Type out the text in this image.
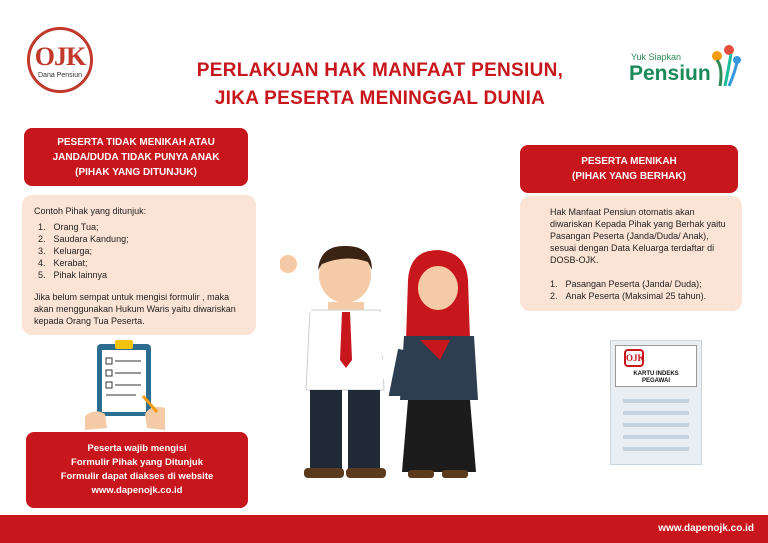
OJK
Dana Pensiun	PERLAKUAN HAK MANFAAT PENSIUN,
JIKA PESERTA MENINGGAL DUNIA
Yuk Siapkan
Pensiun
PESERTA TIDAK MENIKAH ATAU
JANDA/DUDA TIDAK PUNYA ANAK
(PIHAK YANG DITUNJUK)
Contoh Pihak yang ditunjuk:
1. Orang Tua;
2. Saudara Kandung;
3. Keluarga;
4. Kerabat;
5. Pihak lainnya
Jika belum sempat untuk mengisi formulir , maka akan menggunakan Hukum Waris yaitu diwariskan kepada Orang Tua Peserta.
PESERTA MENIKAH
(PIHAK YANG BERHAK)
Hak Manfaat Pensiun otomatis akan diwariskan Kepada Pihak yang Berhak yaitu Pasangan Peserta (Janda/Duda/ Anak), sesuai dengan Data Keluarga terdaftar di DOSB-OJK.
1. Pasangan Peserta (Janda/ Duda);
2. Anak Peserta (Maksimal 25 tahun).
Peserta wajib mengisi
Formulir Pihak yang Ditunjuk
Formulir dapat diakses di website
www.dapenojk.co.id
OJK
KARTU INDEKS
PEGAWAI
www.dapenojk.co.id
